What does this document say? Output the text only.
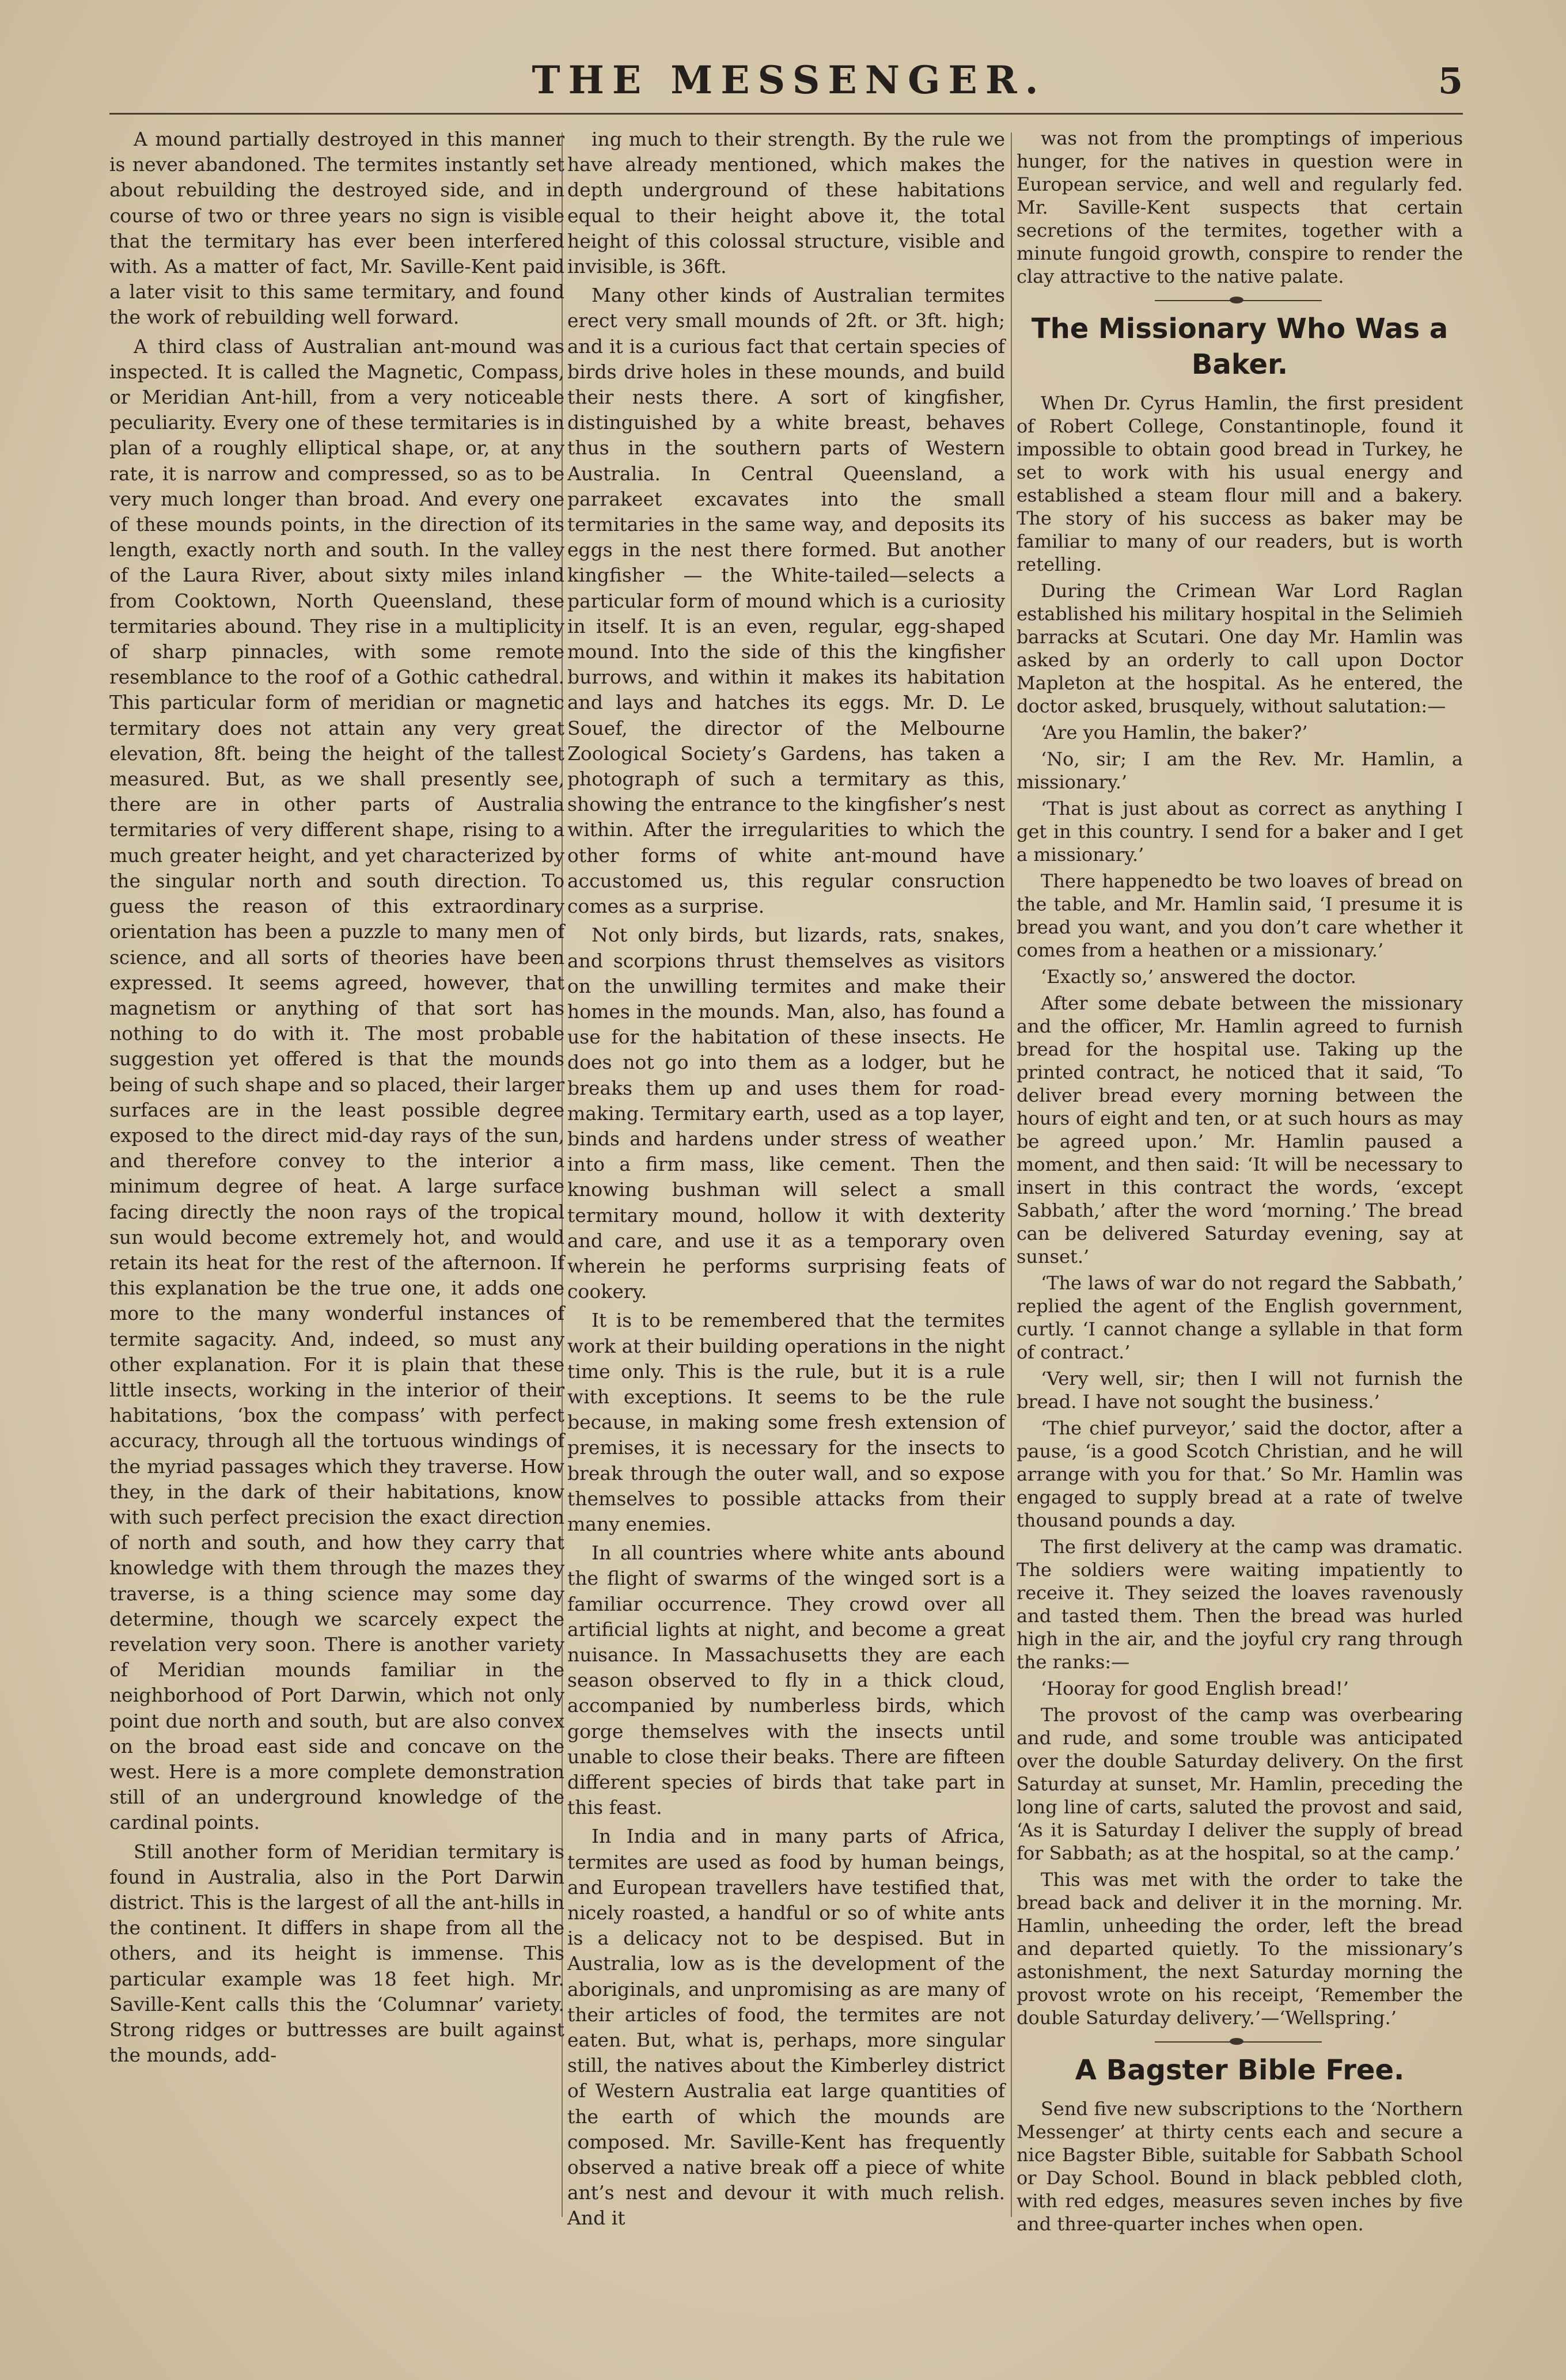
THE MESSENGER.	5

A mound partially destroyed in this manner is never abandoned. The termites instantly set about rebuilding the destroyed side, and in course of two or three years no sign is visible that the termitary has ever been interfered with. As a matter of fact, Mr. Saville-Kent paid a later visit to this same termitary, and found the work of rebuilding well forward.

A third class of Australian ant-mound was inspected. It is called the Magnetic, Compass, or Meridian Ant-hill, from a very noticeable peculiarity. Every one of these termitaries is in plan of a roughly elliptical shape, or, at any rate, it is narrow and compressed, so as to be very much longer than broad. And every one of these mounds points, in the direction of its length, exactly north and south. In the valley of the Laura River, about sixty miles inland from Cooktown, North Queensland, these termitaries abound. They rise in a multiplicity of sharp pinnacles, with some remote resemblance to the roof of a Gothic cathedral. This particular form of meridian or magnetic termitary does not attain any very great elevation, 8ft. being the height of the tallest measured. But, as we shall presently see, there are in other parts of Australia termitaries of very different shape, rising to a much greater height, and yet characterized by the singular north and south direction. To guess the reason of this extraordinary orientation has been a puzzle to many men of science, and all sorts of theories have been expressed. It seems agreed, however, that magnetism or anything of that sort has nothing to do with it. The most probable suggestion yet offered is that the mounds being of such shape and so placed, their larger surfaces are in the least possible degree exposed to the direct mid-day rays of the sun, and therefore convey to the interior a minimum degree of heat. A large surface facing directly the noon rays of the tropical sun would become extremely hot, and would retain its heat for the rest of the afternoon. If this explanation be the true one, it adds one more to the many wonderful instances of termite sagacity. And, indeed, so must any other explanation. For it is plain that these little insects, working in the interior of their habitations, ‘box the compass’ with perfect accuracy, through all the tortuous windings of the myriad passages which they traverse. How they, in the dark of their habitations, know with such perfect precision the exact direction of north and south, and how they carry that knowledge with them through the mazes they traverse, is a thing science may some day determine, though we scarcely expect the revelation very soon. There is another variety of Meridian mounds familiar in the neighborhood of Port Darwin, which not only point due north and south, but are also convex on the broad east side and concave on the west. Here is a more complete demonstration still of an underground knowledge of the cardinal points.

Still another form of Meridian termitary is found in Australia, also in the Port Darwin district. This is the largest of all the ant-hills in the continent. It differs in shape from all the others, and its height is immense. This particular example was 18 feet high. Mr. Saville-Kent calls this the ‘Columnar’ variety. Strong ridges or buttresses are built against the mounds, add-

ing much to their strength. By the rule we have already mentioned, which makes the depth underground of these habitations equal to their height above it, the total height of this colossal structure, visible and invisible, is 36ft.

Many other kinds of Australian termites erect very small mounds of 2ft. or 3ft. high; and it is a curious fact that certain species of birds drive holes in these mounds, and build their nests there. A sort of kingfisher, distinguished by a white breast, behaves thus in the southern parts of Western Australia. In Central Queensland, a parrakeet excavates into the small termitaries in the same way, and deposits its eggs in the nest there formed. But another kingfisher — the White-tailed—selects a particular form of mound which is a curiosity in itself. It is an even, regular, egg-shaped mound. Into the side of this the kingfisher burrows, and within it makes its habitation and lays and hatches its eggs. Mr. D. Le Souef, the director of the Melbourne Zoological Society’s Gardens, has taken a photograph of such a termitary as this, showing the entrance to the kingfisher’s nest within. After the irregularities to which the other forms of white ant-mound have accustomed us, this regular consruction comes as a surprise.

Not only birds, but lizards, rats, snakes, and scorpions thrust themselves as visitors on the unwilling termites and make their homes in the mounds. Man, also, has found a use for the habitation of these insects. He does not go into them as a lodger, but he breaks them up and uses them for road-making. Termitary earth, used as a top layer, binds and hardens under stress of weather into a firm mass, like cement. Then the knowing bushman will select a small termitary mound, hollow it with dexterity and care, and use it as a temporary oven wherein he performs surprising feats of cookery.

It is to be remembered that the termites work at their building operations in the night time only. This is the rule, but it is a rule with exceptions. It seems to be the rule because, in making some fresh extension of premises, it is necessary for the insects to break through the outer wall, and so expose themselves to possible attacks from their many enemies.

In all countries where white ants abound the flight of swarms of the winged sort is a familiar occurrence. They crowd over all artificial lights at night, and become a great nuisance. In Massachusetts they are each season observed to fly in a thick cloud, accompanied by numberless birds, which gorge themselves with the insects until unable to close their beaks. There are fifteen different species of birds that take part in this feast.

In India and in many parts of Africa, termites are used as food by human beings, and European travellers have testified that, nicely roasted, a handful or so of white ants is a delicacy not to be despised. But in Australia, low as is the development of the aboriginals, and unpromising as are many of their articles of food, the termites are not eaten. But, what is, perhaps, more singular still, the natives about the Kimberley district of Western Australia eat large quantities of the earth of which the mounds are composed. Mr. Saville-Kent has frequently observed a native break off a piece of white ant’s nest and devour it with much relish. And it

was not from the promptings of imperious hunger, for the natives in question were in European service, and well and regularly fed. Mr. Saville-Kent suspects that certain secretions of the termites, together with a minute fungoid growth, conspire to render the clay attractive to the native palate.

The Missionary Who Was a Baker.

When Dr. Cyrus Hamlin, the first president of Robert College, Constantinople, found it impossible to obtain good bread in Turkey, he set to work with his usual energy and established a steam flour mill and a bakery. The story of his success as baker may be familiar to many of our readers, but is worth retelling.

During the Crimean War Lord Raglan established his military hospital in the Selimieh barracks at Scutari. One day Mr. Hamlin was asked by an orderly to call upon Doctor Mapleton at the hospital. As he entered, the doctor asked, brusquely, without salutation:—

‘Are you Hamlin, the baker?’

‘No, sir; I am the Rev. Mr. Hamlin, a missionary.’

‘That is just about as correct as anything I get in this country. I send for a baker and I get a missionary.’

There happenedto be two loaves of bread on the table, and Mr. Hamlin said, ‘I presume it is bread you want, and you don’t care whether it comes from a heathen or a missionary.’

‘Exactly so,’ answered the doctor.

After some debate between the missionary and the officer, Mr. Hamlin agreed to furnish bread for the hospital use. Taking up the printed contract, he noticed that it said, ‘To deliver bread every morning between the hours of eight and ten, or at such hours as may be agreed upon.’ Mr. Hamlin paused a moment, and then said: ‘It will be necessary to insert in this contract the words, ‘except Sabbath,’ after the word ‘morning.’ The bread can be delivered Saturday evening, say at sunset.’

‘The laws of war do not regard the Sabbath,’ replied the agent of the English government, curtly. ‘I cannot change a syllable in that form of contract.’

‘Very well, sir; then I will not furnish the bread. I have not sought the business.’

‘The chief purveyor,’ said the doctor, after a pause, ‘is a good Scotch Christian, and he will arrange with you for that.’ So Mr. Hamlin was engaged to supply bread at a rate of twelve thousand pounds a day.

The first delivery at the camp was dramatic. The soldiers were waiting impatiently to receive it. They seized the loaves ravenously and tasted them. Then the bread was hurled high in the air, and the joyful cry rang through the ranks:—

‘Hooray for good English bread!’

The provost of the camp was overbearing and rude, and some trouble was anticipated over the double Saturday delivery. On the first Saturday at sunset, Mr. Hamlin, preceding the long line of carts, saluted the provost and said, ‘As it is Saturday I deliver the supply of bread for Sabbath; as at the hospital, so at the camp.’

This was met with the order to take the bread back and deliver it in the morning. Mr. Hamlin, unheeding the order, left the bread and departed quietly. To the missionary’s astonishment, the next Saturday morning the provost wrote on his receipt, ‘Remember the double Saturday delivery.’—‘Wellspring.’

A Bagster Bible Free.

Send five new subscriptions to the ‘Northern Messenger’ at thirty cents each and secure a nice Bagster Bible, suitable for Sabbath School or Day School. Bound in black pebbled cloth, with red edges, measures seven inches by five and three-quarter inches when open.
